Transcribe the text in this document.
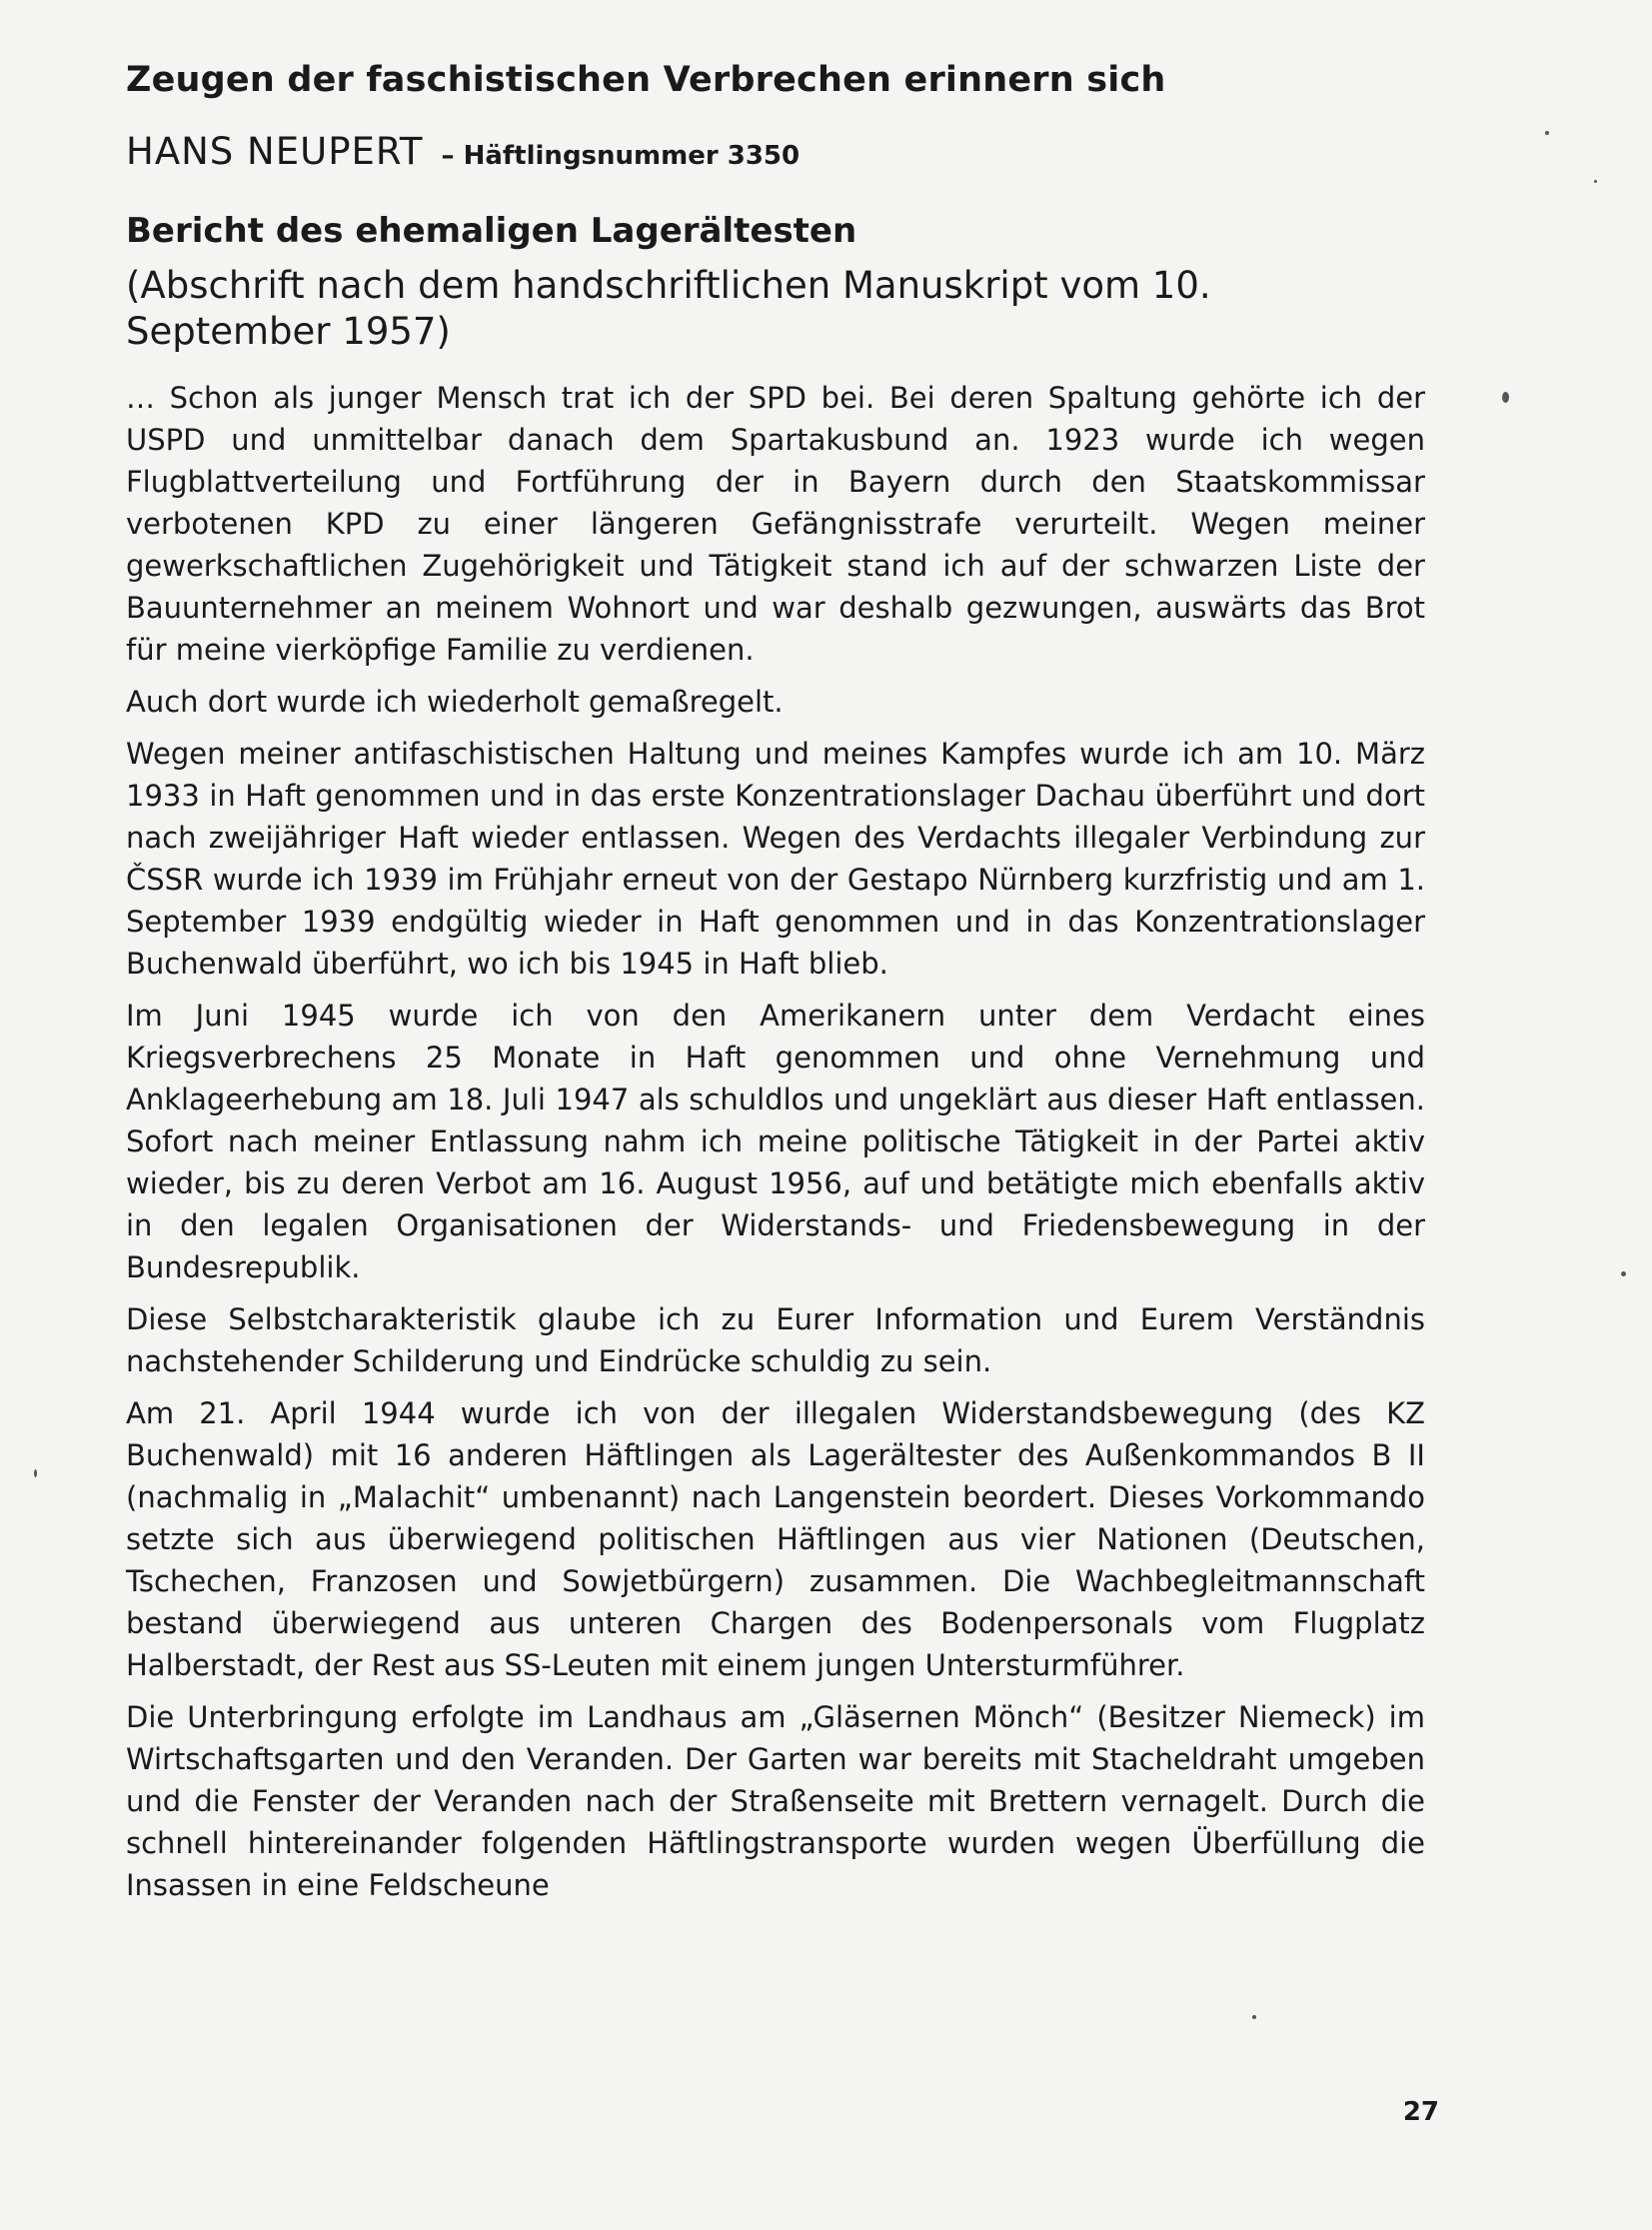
Zeugen der faschistischen Verbrechen erinnern sich
HANS NEUPERT – Häftlingsnummer 3350
Bericht des ehemaligen Lagerältesten
(Abschrift nach dem handschriftlichen Manuskript vom 10. September 1957)

… Schon als junger Mensch trat ich der SPD bei. Bei deren Spaltung gehörte ich der USPD und unmittelbar danach dem Spartakusbund an. 1923 wurde ich wegen Flugblattverteilung und Fortführung der in Bayern durch den Staatskommissar verbotenen KPD zu einer längeren Gefängnisstrafe verurteilt. Wegen meiner gewerkschaftlichen Zugehörigkeit und Tätigkeit stand ich auf der schwarzen Liste der Bauunternehmer an meinem Wohnort und war deshalb gezwungen, auswärts das Brot für meine vierköpfige Familie zu verdienen.

Auch dort wurde ich wiederholt gemaßregelt.

Wegen meiner antifaschistischen Haltung und meines Kampfes wurde ich am 10. März 1933 in Haft genommen und in das erste Konzentrationslager Dachau überführt und dort nach zweijähriger Haft wieder entlassen. Wegen des Verdachts illegaler Verbindung zur ČSSR wurde ich 1939 im Frühjahr erneut von der Gestapo Nürnberg kurzfristig und am 1. September 1939 endgültig wieder in Haft genommen und in das Konzentrationslager Buchenwald überführt, wo ich bis 1945 in Haft blieb.

Im Juni 1945 wurde ich von den Amerikanern unter dem Verdacht eines Kriegsverbrechens 25 Monate in Haft genommen und ohne Vernehmung und Anklageerhebung am 18. Juli 1947 als schuldlos und ungeklärt aus dieser Haft entlassen. Sofort nach meiner Entlassung nahm ich meine politische Tätigkeit in der Partei aktiv wieder, bis zu deren Verbot am 16. August 1956, auf und betätigte mich ebenfalls aktiv in den legalen Organisationen der Widerstands- und Friedensbewegung in der Bundesrepublik.

Diese Selbstcharakteristik glaube ich zu Eurer Information und Eurem Verständnis nachstehender Schilderung und Eindrücke schuldig zu sein.

Am 21. April 1944 wurde ich von der illegalen Widerstandsbewegung (des KZ Buchenwald) mit 16 anderen Häftlingen als Lagerältester des Außenkommandos B II (nachmalig in „Malachit“ umbenannt) nach Langenstein beordert. Dieses Vorkommando setzte sich aus überwiegend politischen Häftlingen aus vier Nationen (Deutschen, Tschechen, Franzosen und Sowjetbürgern) zusammen. Die Wachbegleitmannschaft bestand überwiegend aus unteren Chargen des Bodenpersonals vom Flugplatz Halberstadt, der Rest aus SS-Leuten mit einem jungen Untersturmführer.

Die Unterbringung erfolgte im Landhaus am „Gläsernen Mönch“ (Besitzer Niemeck) im Wirtschaftsgarten und den Veranden. Der Garten war bereits mit Stacheldraht umgeben und die Fenster der Veranden nach der Straßenseite mit Brettern vernagelt. Durch die schnell hintereinander folgenden Häftlingstransporte wurden wegen Überfüllung die Insassen in eine Feldscheune

27
